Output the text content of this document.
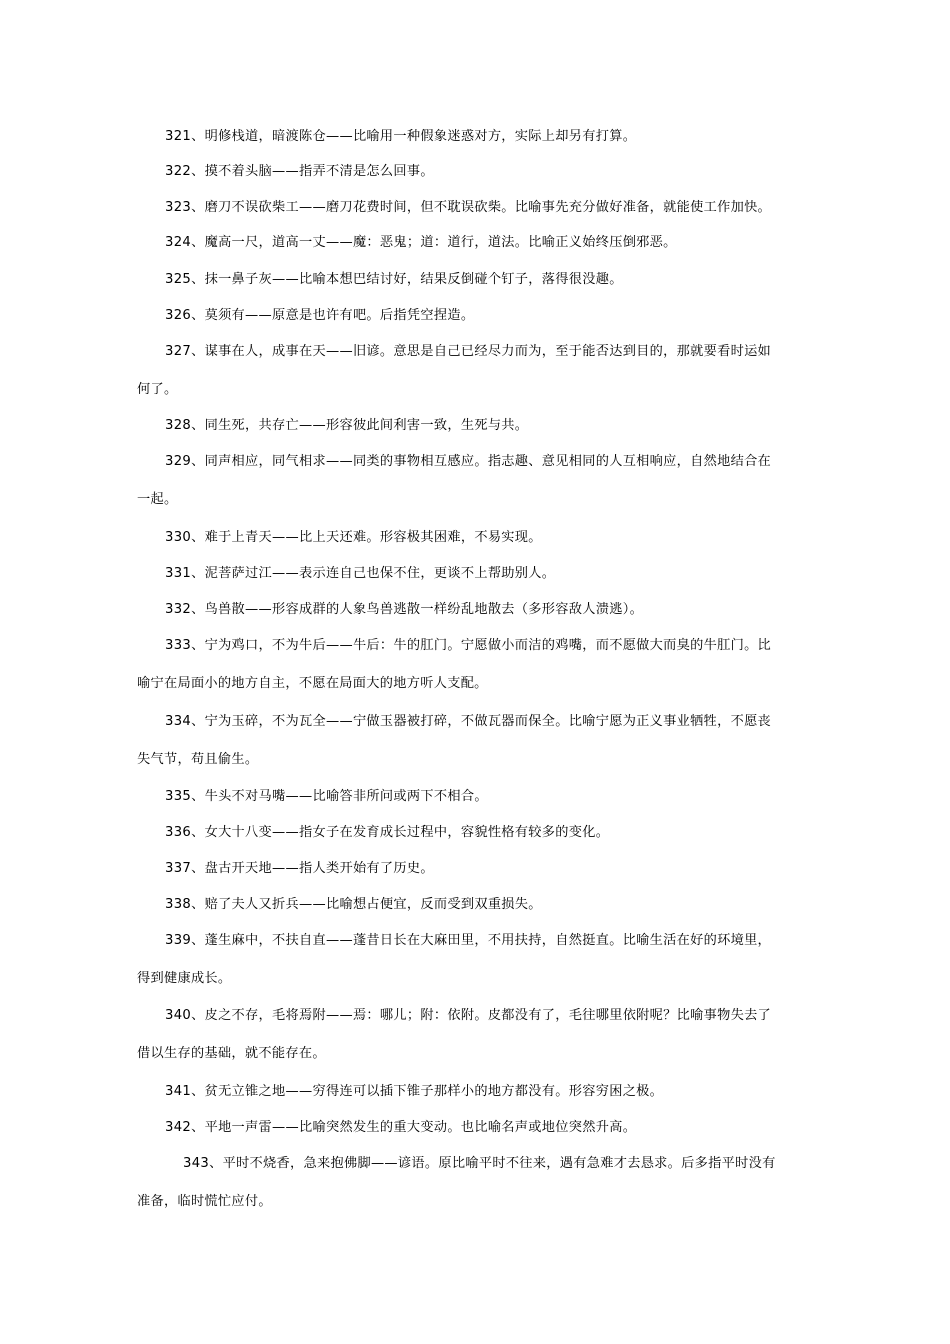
321、明修栈道，暗渡陈仓——比喻用一种假象迷惑对方，实际上却另有打算。
322、摸不着头脑——指弄不清是怎么回事。
323、磨刀不误砍柴工——磨刀花费时间，但不耽误砍柴。比喻事先充分做好准备，就能使工作加快。
324、魔高一尺，道高一丈——魔：恶鬼；道：道行，道法。比喻正义始终压倒邪恶。
325、抹一鼻子灰——比喻本想巴结讨好，结果反倒碰个钉子，落得很没趣。
326、莫须有——原意是也许有吧。后指凭空捏造。
327、谋事在人，成事在天——旧谚。意思是自己已经尽力而为，至于能否达到目的，那就要看时运如
何了。
328、同生死，共存亡——形容彼此间利害一致，生死与共。
329、同声相应，同气相求——同类的事物相互感应。指志趣、意见相同的人互相响应，自然地结合在
一起。
330、难于上青天——比上天还难。形容极其困难，不易实现。
331、泥菩萨过江——表示连自己也保不住，更谈不上帮助别人。
332、鸟兽散——形容成群的人象鸟兽逃散一样纷乱地散去（多形容敌人溃逃）。
333、宁为鸡口，不为牛后——牛后：牛的肛门。宁愿做小而洁的鸡嘴，而不愿做大而臭的牛肛门。比
喻宁在局面小的地方自主，不愿在局面大的地方听人支配。
334、宁为玉碎，不为瓦全——宁做玉器被打碎，不做瓦器而保全。比喻宁愿为正义事业牺牲，不愿丧
失气节，苟且偷生。
335、牛头不对马嘴——比喻答非所问或两下不相合。
336、女大十八变——指女子在发育成长过程中，容貌性格有较多的变化。
337、盘古开天地——指人类开始有了历史。
338、赔了夫人又折兵——比喻想占便宜，反而受到双重损失。
339、蓬生麻中，不扶自直——蓬昔日长在大麻田里，不用扶持，自然挺直。比喻生活在好的环境里，
得到健康成长。
340、皮之不存，毛将焉附——焉：哪儿；附：依附。皮都没有了，毛往哪里依附呢？比喻事物失去了
借以生存的基础，就不能存在。
341、贫无立锥之地——穷得连可以插下锥子那样小的地方都没有。形容穷困之极。
342、平地一声雷——比喻突然发生的重大变动。也比喻名声或地位突然升高。
343、平时不烧香，急来抱佛脚——谚语。原比喻平时不往来，遇有急难才去恳求。后多指平时没有
准备，临时慌忙应付。
